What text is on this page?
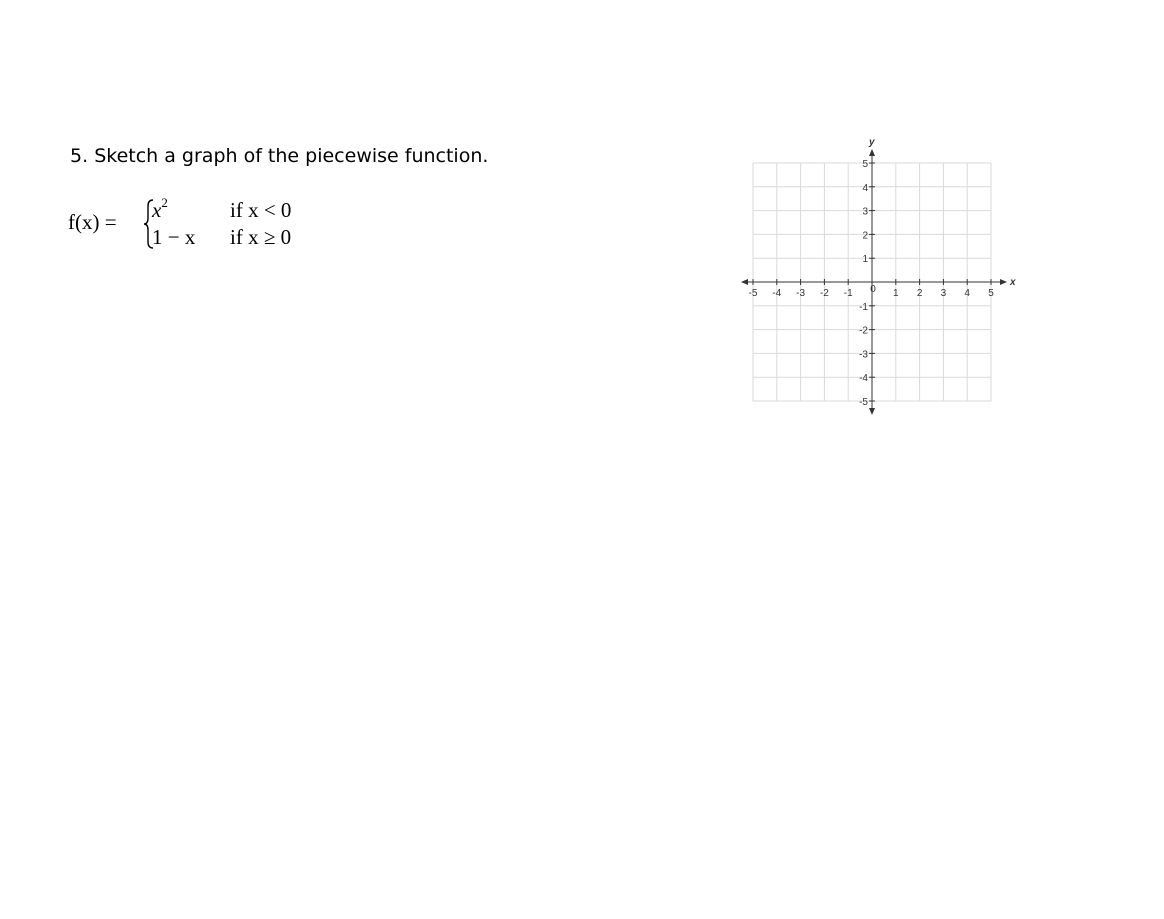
5. Sketch a graph of the piecewise function.
$f(x) = x^2$	if x < 0
1 − x if x ≥ 0
x
y
-5 -4 -3 -2 -1	1 2 3 4 5
5
4
3
2
1
-1
-2
-3
-4
-5
0
